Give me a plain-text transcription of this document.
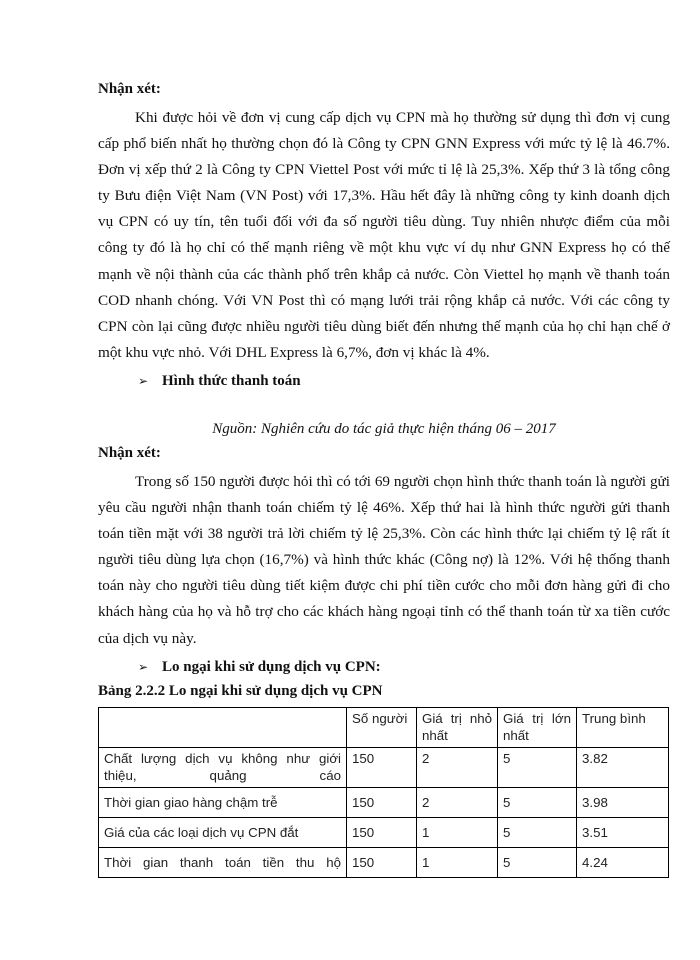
Nhận xét:

Khi được hỏi về đơn vị cung cấp dịch vụ CPN mà họ thường sử dụng thì đơn vị cung cấp phổ biến nhất họ thường chọn đó là Công ty CPN GNN Express với mức tỷ lệ là 46.7%. Đơn vị xếp thứ 2 là Công ty CPN Viettel Post với mức tỉ lệ là 25,3%. Xếp thứ 3 là tổng công ty Bưu điện Việt Nam (VN Post) với 17,3%. Hầu hết đây là những công ty kinh doanh dịch vụ CPN có uy tín, tên tuổi đối với đa số người tiêu dùng. Tuy nhiên nhược điểm của mỗi công ty đó là họ chỉ có thế mạnh riêng về một khu vực ví dụ như GNN Express họ có thế mạnh về nội thành của các thành phố trên khắp cả nước. Còn Viettel họ mạnh về thanh toán COD nhanh chóng. Với VN Post thì có mạng lưới trải rộng khắp cả nước. Với các công ty CPN còn lại cũng được nhiều người tiêu dùng biết đến nhưng thế mạnh của họ chỉ hạn chế ở một khu vực nhỏ. Với DHL Express là 6,7%, đơn vị khác là 4%.

➢ Hình thức thanh toán

Nguồn: Nghiên cứu do tác giả thực hiện tháng 06 – 2017

Nhận xét:

Trong số 150 người được hỏi thì có tới 69 người chọn hình thức thanh toán là người gửi yêu cầu người nhận thanh toán chiếm tỷ lệ 46%. Xếp thứ hai là hình thức người gửi thanh toán tiền mặt với 38 người trả lời chiếm tỷ lệ 25,3%. Còn các hình thức lại chiếm tỷ lệ rất ít người tiêu dùng lựa chọn (16,7%) và hình thức khác (Công nợ) là 12%. Với hệ thống thanh toán này cho người tiêu dùng tiết kiệm được chi phí tiền cước cho mỗi đơn hàng gửi đi cho khách hàng của họ và hỗ trợ cho các khách hàng ngoại tỉnh có thể thanh toán từ xa tiền cước của dịch vụ này.

➢ Lo ngại khi sử dụng dịch vụ CPN:

Bảng 2.2.2 Lo ngại khi sử dụng dịch vụ CPN

	Số người	Giá trị nhỏ nhất	Giá trị lớn nhất	Trung bình
Chất lượng dịch vụ không như giới thiệu, quảng cáo	150	2	5	3.82
Thời gian giao hàng chậm trễ	150	2	5	3.98
Giá của các loại dịch vụ CPN đắt	150	1	5	3.51
Thời gian thanh toán tiền thu hộ	150	1	5	4.24
